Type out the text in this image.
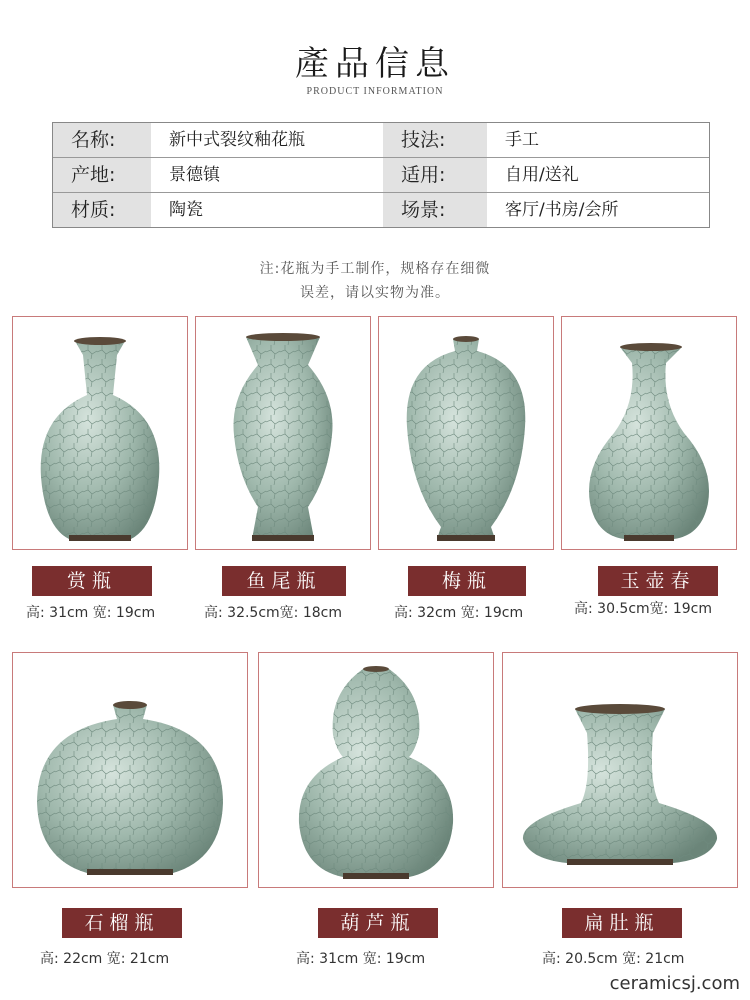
產品信息
PRODUCT INFORMATION
名称:	新中式裂纹釉花瓶	技法:	手工
产地:	景德镇	适用:	自用/送礼
材质:	陶瓷	场景:	客厅/书房/会所
注:花瓶为手工制作，规格存在细微
误差，请以实物为准。
赏瓶	鱼尾瓶	梅瓶	玉壶春
高: 31cm 宽: 19cm	高: 32.5cm宽: 18cm	高: 32cm 宽: 19cm	高: 30.5cm宽: 19cm
石榴瓶	葫芦瓶	扁肚瓶
高: 22cm 宽: 21cm	高: 31cm 宽: 19cm	高: 20.5cm 宽: 21cm
ceramicsj.com
